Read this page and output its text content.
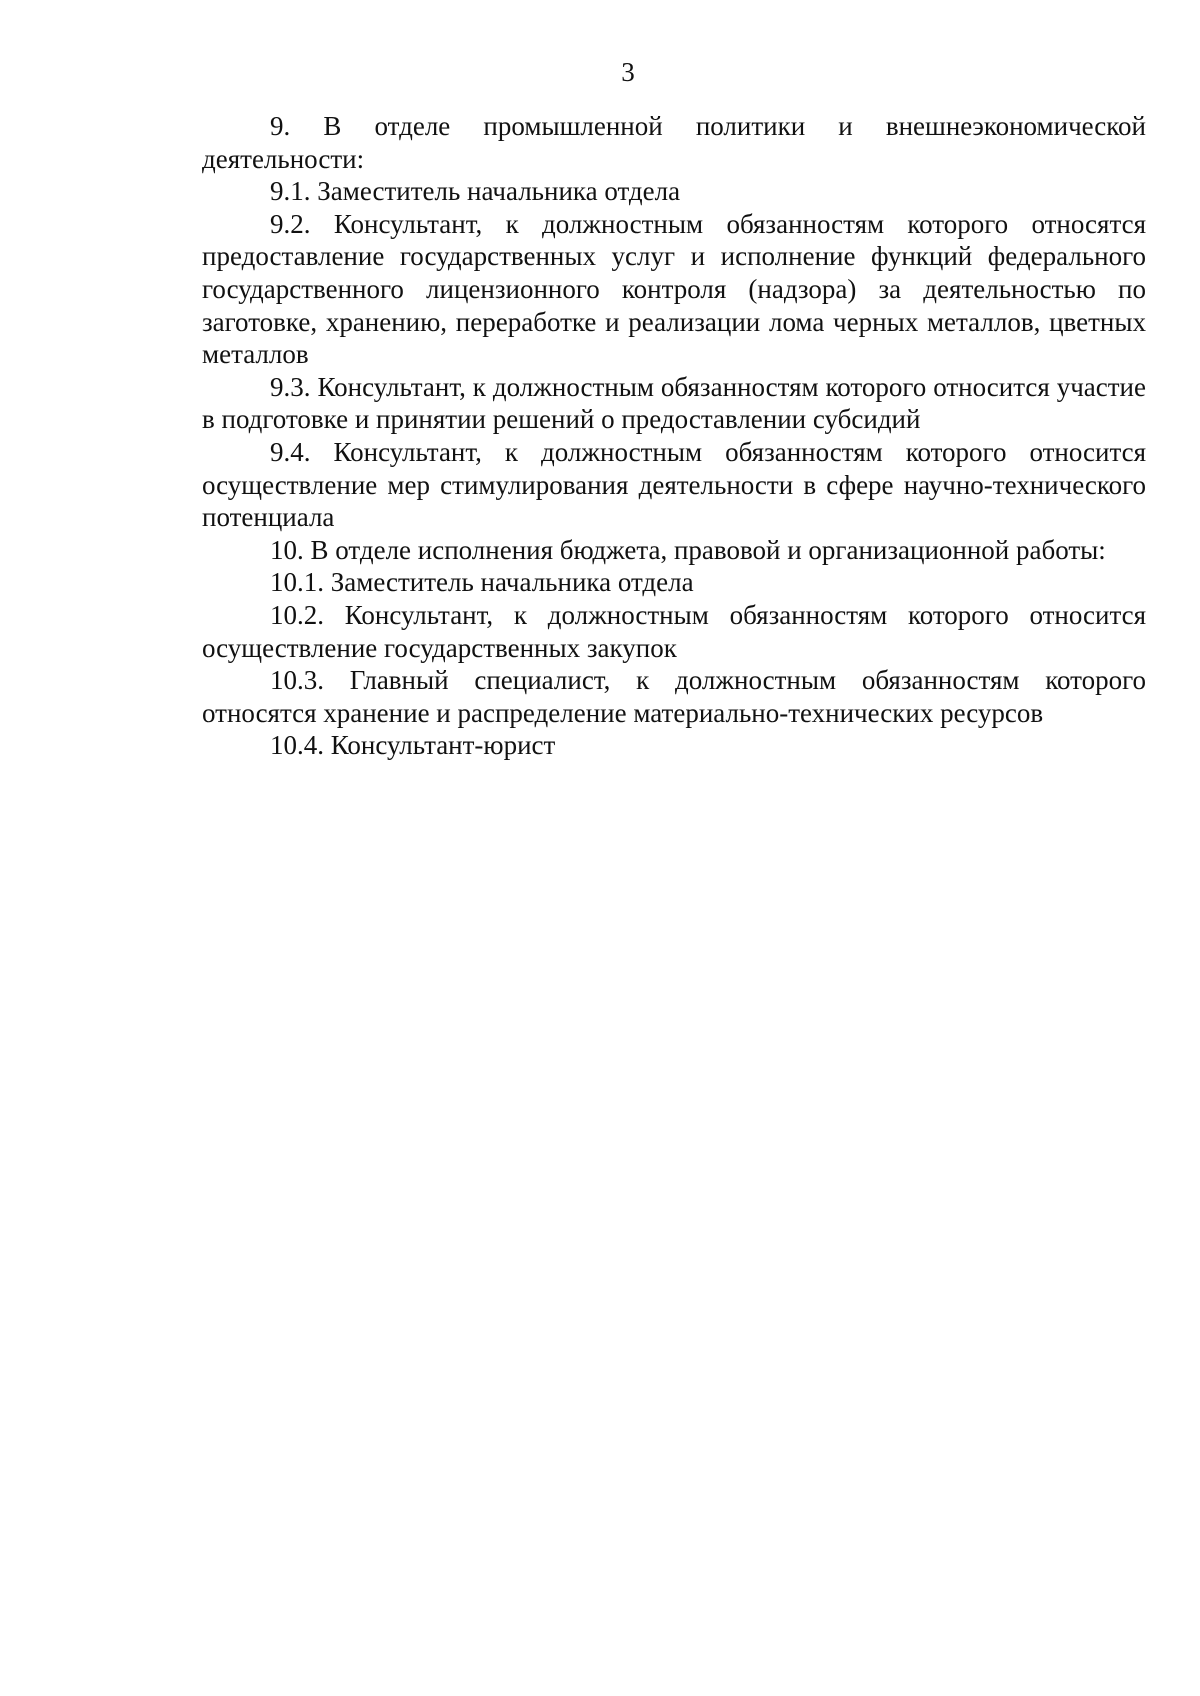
3

9. В отделе промышленной политики и внешнеэкономической деятельности:

9.1. Заместитель начальника отдела

9.2. Консультант, к должностным обязанностям которого относятся предоставление государственных услуг и исполнение функций федерального государственного лицензионного контроля (надзора) за деятельностью по заготовке, хранению, переработке и реализации лома черных металлов, цветных металлов

9.3. Консультант, к должностным обязанностям которого относится участие в подготовке и принятии решений о предоставлении субсидий

9.4. Консультант, к должностным обязанностям которого относится осуществление мер стимулирования деятельности в сфере научно-технического потенциала

10. В отделе исполнения бюджета, правовой и организационной работы:

10.1. Заместитель начальника отдела

10.2. Консультант, к должностным обязанностям которого относится осуществление государственных закупок

10.3. Главный специалист, к должностным обязанностям которого относятся хранение и распределение материально-технических ресурсов

10.4. Консультант-юрист
